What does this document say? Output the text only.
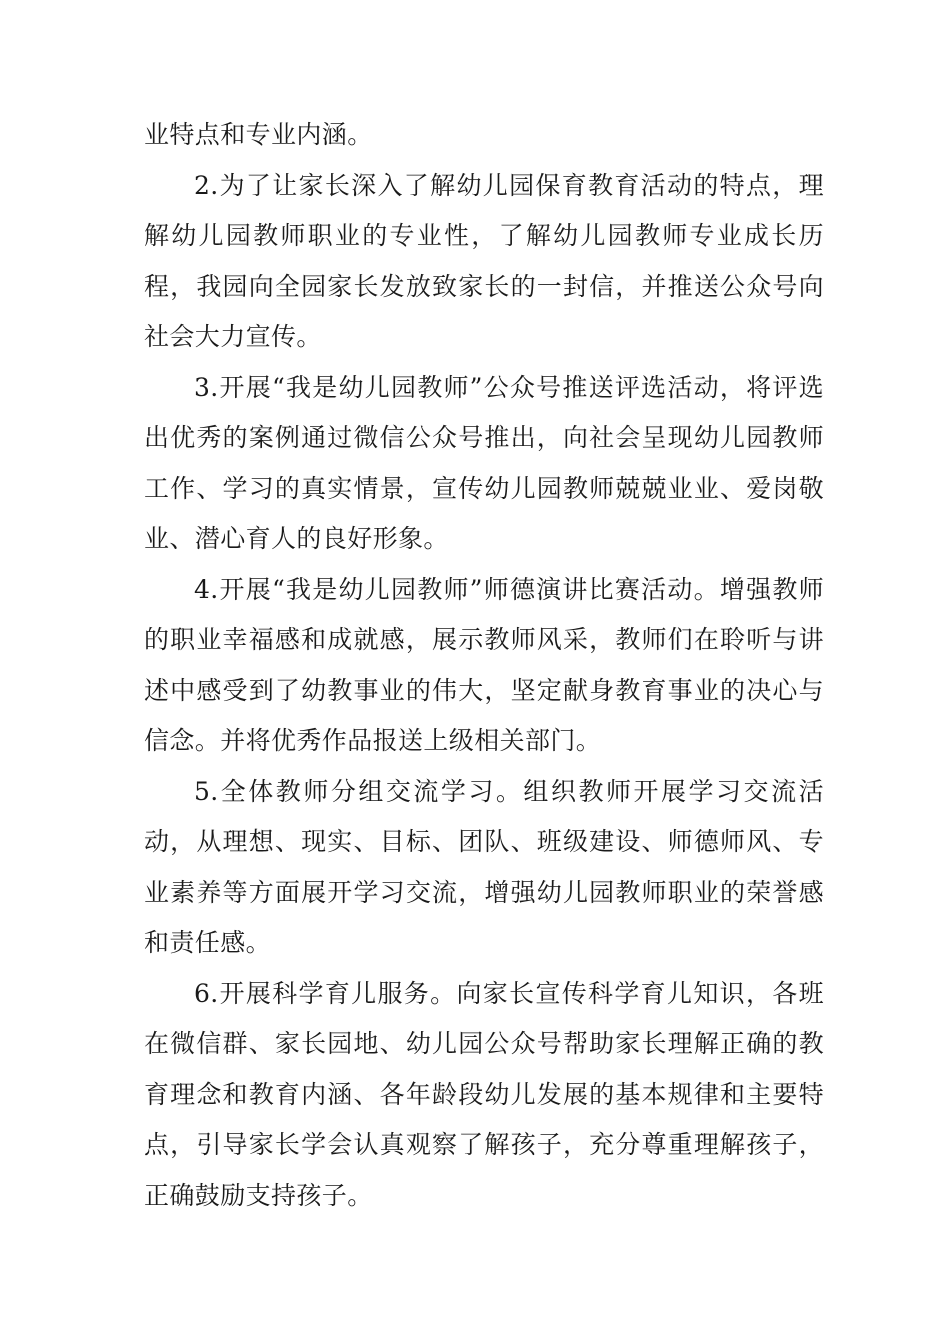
业特点和专业内涵。

2.为了让家长深入了解幼儿园保育教育活动的特点，理解幼儿园教师职业的专业性，了解幼儿园教师专业成长历程，我园向全园家长发放致家长的一封信，并推送公众号向社会大力宣传。

3.开展“我是幼儿园教师”公众号推送评选活动，将评选出优秀的案例通过微信公众号推出，向社会呈现幼儿园教师工作、学习的真实情景，宣传幼儿园教师兢兢业业、爱岗敬业、潜心育人的良好形象。

4.开展“我是幼儿园教师”师德演讲比赛活动。增强教师的职业幸福感和成就感，展示教师风采，教师们在聆听与讲述中感受到了幼教事业的伟大，坚定献身教育事业的决心与信念。并将优秀作品报送上级相关部门。

5.全体教师分组交流学习。组织教师开展学习交流活动，从理想、现实、目标、团队、班级建设、师德师风、专业素养等方面展开学习交流，增强幼儿园教师职业的荣誉感和责任感。

6.开展科学育儿服务。向家长宣传科学育儿知识，各班在微信群、家长园地、幼儿园公众号帮助家长理解正确的教育理念和教育内涵、各年龄段幼儿发展的基本规律和主要特点，引导家长学会认真观察了解孩子，充分尊重理解孩子，正确鼓励支持孩子。
